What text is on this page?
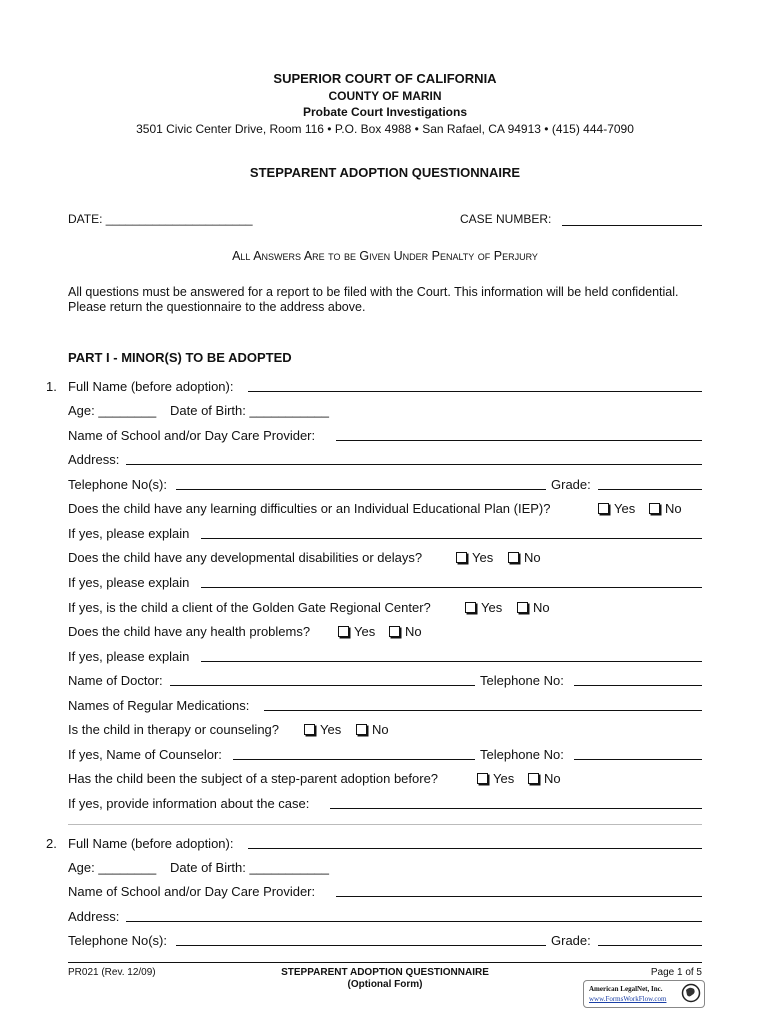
SUPERIOR COURT OF CALIFORNIA
COUNTY OF MARIN
Probate Court Investigations
3501 Civic Center Drive, Room 116 • P.O. Box 4988 • San Rafael, CA 94913 • (415) 444-7090
STEPPARENT ADOPTION QUESTIONNAIRE
DATE: ______________________	CASE NUMBER:
All Answers Are to be Given Under Penalty of Perjury
All questions must be answered for a report to be filed with the Court. This information will be held confidential. Please return the questionnaire to the address above.
PART I - MINOR(S) TO BE ADOPTED
1. Full Name (before adoption):
Age: ________ Date of Birth: ___________
Name of School and/or Day Care Provider:
Address:
Telephone No(s):	Grade:
Does the child have any learning difficulties or an Individual Educational Plan (IEP)?	Yes	No
If yes, please explain
Does the child have any developmental disabilities or delays?	Yes	No
If yes, please explain
If yes, is the child a client of the Golden Gate Regional Center?	Yes	No
Does the child have any health problems?	Yes	No
If yes, please explain
Name of Doctor:	Telephone No:
Names of Regular Medications:
Is the child in therapy or counseling?	Yes	No
If yes, Name of Counselor:	Telephone No:
Has the child been the subject of a step-parent adoption before?	Yes	No
If yes, provide information about the case:
2. Full Name (before adoption):
Age: ________ Date of Birth: ___________
Name of School and/or Day Care Provider:
Address:
Telephone No(s):	Grade:
PR021 (Rev. 12/09)	STEPPARENT ADOPTION QUESTIONNAIRE
(Optional Form)
Page 1 of 5
American LegalNet, Inc.
www.FormsWorkFlow.com
